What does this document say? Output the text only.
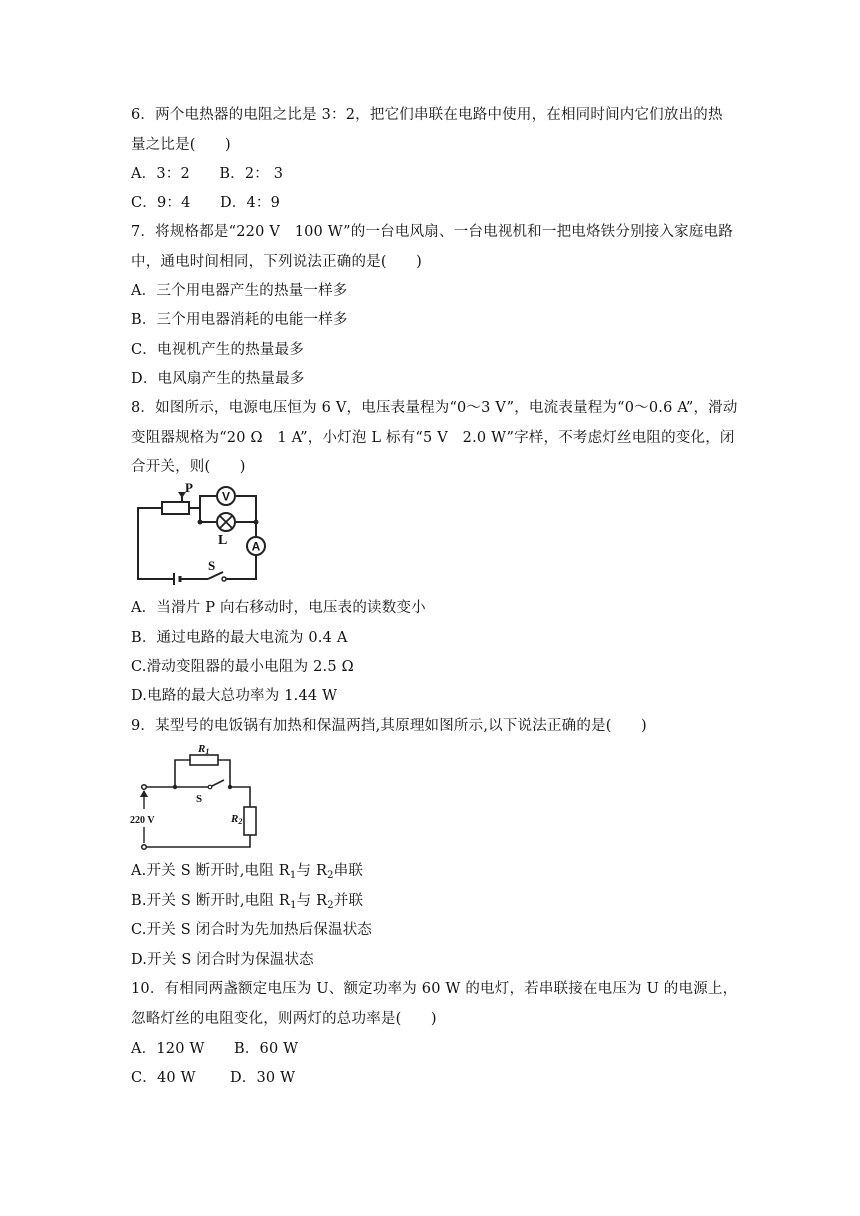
6．两个电热器的电阻之比是 3：2，把它们串联在电路中使用，在相同时间内它们放出的热
量之比是(　　)
A．3：2　　B．2： 3
C．9：4　　D．4：9
7．将规格都是“220 V　100 W”的一台电风扇、一台电视机和一把电烙铁分别接入家庭电路
中，通电时间相同，下列说法正确的是(　　)
A．三个用电器产生的热量一样多
B．三个用电器消耗的电能一样多
C．电视机产生的热量最多
D．电风扇产生的热量最多
8．如图所示，电源电压恒为 6 V，电压表量程为“0～3 V”，电流表量程为“0～0.6 A”，滑动
变阻器规格为“20 Ω　1 A”，小灯泡 L 标有“5 V　2.0 W”字样，不考虑灯丝电阻的变化，闭
合开关，则(　　)
V
A
P
L
S
A．当滑片 P 向右移动时，电压表的读数变小
B．通过电路的最大电流为 0.4 A
C.滑动变阻器的最小电阻为 2.5 Ω
D.电路的最大总功率为 1.44 W
9．某型号的电饭锅有加热和保温两挡,其原理如图所示,以下说法正确的是(　　)
R1
R2
S
220 V
A.开关 S 断开时,电阻 $R_1$与 $R_2$串联
B.开关 S 断开时,电阻 $R_1$与 $R_2$并联
C.开关 S 闭合时为先加热后保温状态
D.开关 S 闭合时为保温状态
10．有相同两盏额定电压为 U、额定功率为 60 W 的电灯，若串联接在电压为 U 的电源上，
忽略灯丝的电阻变化，则两灯的总功率是(　　)
A．120 W　　B．60 W
C．40 W　　 D．30 W
